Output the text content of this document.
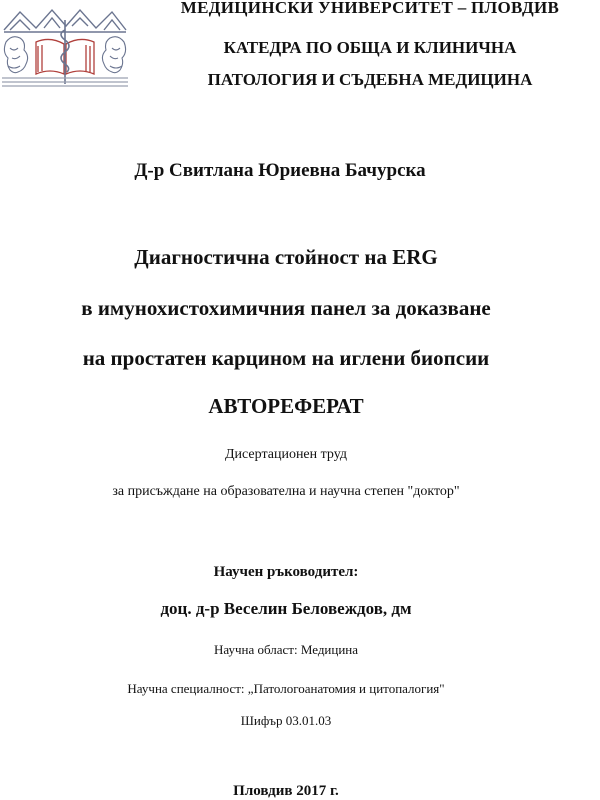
МЕДИЦИНСКИ УНИВЕРСИТЕТ – ПЛОВДИВ
КАТЕДРА ПО ОБЩА И КЛИНИЧНА
ПАТОЛОГИЯ И СЪДЕБНА МЕДИЦИНА
Д-р Свитлана Юриевна Бачурска
Диагностична стойност на ERG
в имунохистохимичния панел за доказване
на простатен карцином на иглени биопсии
АВТОРЕФЕРАТ
Дисертационен труд
за присъждане на образователна и научна степен "доктор"
Научен ръководител:
доц. д-р Веселин Беловеждов, дм
Научна област: Медицина
Научна специалност: „Патологоанатомия и цитопалогия"
Шифър 03.01.03
Пловдив 2017 г.
